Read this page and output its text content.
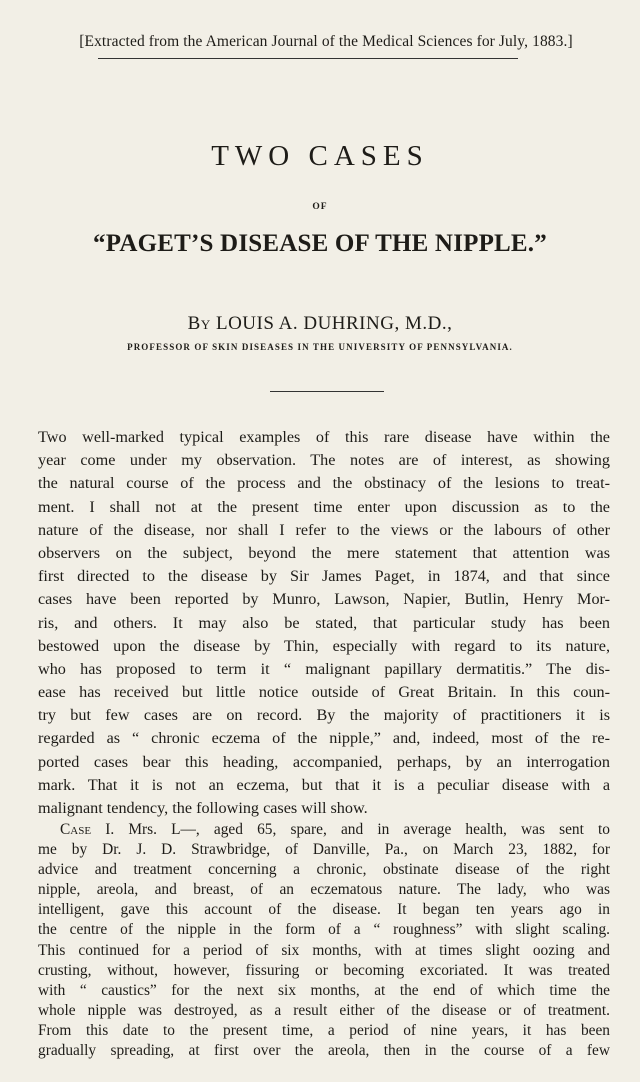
[Extracted from the American Journal of the Medical Sciences for July, 1883.]
TWO CASES
OF
“PAGET’S DISEASE OF THE NIPPLE.”
By LOUIS A. DUHRING, M.D.,
PROFESSOR OF SKIN DISEASES IN THE UNIVERSITY OF PENNSYLVANIA.
Two well-marked typical examples of this rare disease have within the
year come under my observation. The notes are of interest, as showing
the natural course of the process and the obstinacy of the lesions to treat-
ment. I shall not at the present time enter upon discussion as to the
nature of the disease, nor shall I refer to the views or the labours of other
observers on the subject, beyond the mere statement that attention was
first directed to the disease by Sir James Paget, in 1874, and that since
cases have been reported by Munro, Lawson, Napier, Butlin, Henry Mor-
ris, and others. It may also be stated, that particular study has been
bestowed upon the disease by Thin, especially with regard to its nature,
who has proposed to term it “ malignant papillary dermatitis.” The dis-
ease has received but little notice outside of Great Britain. In this coun-
try but few cases are on record. By the majority of practitioners it is
regarded as “ chronic eczema of the nipple,” and, indeed, most of the re-
ported cases bear this heading, accompanied, perhaps, by an interrogation
mark. That it is not an eczema, but that it is a peculiar disease with a
malignant tendency, the following cases will show.
Case I. Mrs. L—, aged 65, spare, and in average health, was sent to
me by Dr. J. D. Strawbridge, of Danville, Pa., on March 23, 1882, for
advice and treatment concerning a chronic, obstinate disease of the right
nipple, areola, and breast, of an eczematous nature. The lady, who was
intelligent, gave this account of the disease. It began ten years ago in
the centre of the nipple in the form of a “ roughness” with slight scaling.
This continued for a period of six months, with at times slight oozing and
crusting, without, however, fissuring or becoming excoriated. It was treated
with “ caustics” for the next six months, at the end of which time the
whole nipple was destroyed, as a result either of the disease or of treatment.
From this date to the present time, a period of nine years, it has been
gradually spreading, at first over the areola, then in the course of a few
